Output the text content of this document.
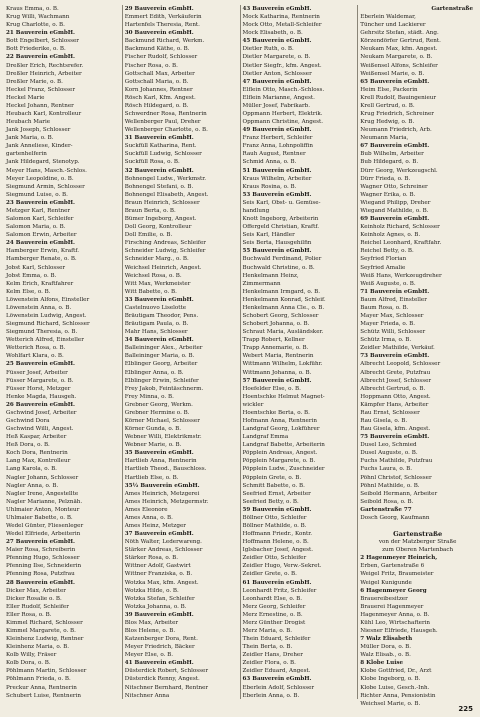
Kraus Emma, o. B.
Krug Willi, Wachmann
Krug Charlotte, o. B.
21 Bauverein eGmbH.
Bott Engelbert, Schlosser
Bott Friederike, o. B.
22 Bauverein eGmbH.
Dreßler Erich, Rechtsrefer.
Dreßler Heinrich, Arbeiter
Dreßler Marie, o. B.
Heckel Franz, Schlosser
Heckel Marie
Heckel Johann, Rentner
Heubach Karl, Kontrolleur
Heubach Marie
Jank Joseph, Schlosser
Jank Maria, o. B.
Jank Anneliese, Kinder-
gartenhelferin
Jank Hildegard, Stenotyp.
Meyer Hans, Masch.-Schlos.
Meyer Leopoldine, o. B.
Siegmund Armin, Schlosser
Siegmund Luise, o. B.
23 Bauverein eGmbH.
Metzger Karl, Rentner
Salomon Karl, Schleifer
Salomon Maria, o. B.
Salomon Erwin, Arbeiter
24 Bauverein eGmbH.
Hamberger Erwin, Kraftf.
Hamberger Renate, o. B.
Jobst Karl, Schlosser
Jobst Emma, o. B.
Kelm Erich, Kraftfahrer
Kelm Else, o. B.
Löwenstein Alfons, Einsteller
Löwenstein Anna, o. B.
Löwenstein Ludwig, Angest.
Siegmund Richard, Schlosser
Siegmund Theresia, o. B.
Wetterich Alfred, Einsteller
Wetterich Rosa, o. B.
Wohlfart Klara, o. B.
25 Bauverein eGmbH.
Füsser Josef, Arbeiter
Füsser Margarete, o. B.
Füsser Horst, Metzger
Henke Magda, Hausgeh.
26 Bauverein eGmbH.
Gschwind Josef, Arbeiter
Gschwind Dora
Gschwind Willi, Angest.
Heß Kaspar, Arbeiter
Heß Dora, o. B.
Koch Dora, Rentnerin
Lang Max, Kontrolleur
Lang Karola, o. B.
Nagler Johann, Schlosser
Nagler Anna, o. B.
Nagler Irene, Angestellte
Nagler Marianne, Pelznäh.
Uhlmaier Anton, Monteur
Uhlmaier Babette, o. B.
Wedel Günter, Fliesenleger
Wedel Elfriede, Arbeiterin
27 Bauverein eGmbH.
Maier Rosa, Schreiberin
Pfenning Hugo, Schlosser
Pfenning Ilse, Schneiderin
Pfenning Rosa, Putzfrau
28 Bauverein eGmbH.
Dicker Max, Arbeiter
Dicker Rosalie o. B.
Eller Rudolf, Schleifer
Eller Rosa, o. B.
Kimmel Richard, Schlosser
Kimmel Margarete, o. B.
Kleinhenz Ludwig, Rentner
Kleinhenz Maria, o. B.
Kolb Willy, Fräser
Kolb Dora, o. B.
Pöhlmann Martin, Schlosser
Pöhlmann Frieda, o. B.
Preckur Anna, Rentnerin
Schubert Luise, Rentnerin
29 Bauverein eGmbH.
Emmert Edith, Verkäuferin
Hartenfels Theresia, Rent.
30 Bauverein eGmbH.
Backmund Richard, Werkm.
Backmund Käthe, o. B.
Fischer Rudolf, Schlosser
Fischer Rosa, o. B.
Gottschall Max, Arbeiter
Gottschall Maria, o. B.
Korn Johannes, Rentner
Rösch Karl, Kfm. Angest.
Rösch Hildegard, o. B.
Schwerdner Rosa, Rentnerin
Wellenberger Paul, Dreher
Wellenberger Charlotte, o. B.
31 Bauverein eGmbH.
Suckfüll Katharina, Rent.
Suckfüll Ludwig, Schlosser
Suckfüll Rosa, o. B.
32 Bauverein eGmbH.
Bohnengel Ludw., Werkmstr.
Bohnengel Stefani, o. B.
Bohnengel Elisabeth, Angest.
Braun Heinrich, Schlosser
Braun Berta, o. B.
Bümer Ingeborg, Angest.
Doll Georg, Kontrolleur
Doll Emilie, o. B.
Firsching Andreas, Schleifer
Schneider Ludwig, Schleifer
Schneider Marg., o. B.
Weichsel Heinrich, Angest.
Weichsel Rosa, o. B.
Witt Max, Werkmeister
Witt Babette, o. B.
33 Bauverein eGmbH.
Castelnuovo Liselotte
Bräutigam Theodor, Pens.
Bräutigam Paula, o. B.
Mahr Hans, Schlosser
34 Bauverein eGmbH.
Balleininger Alex., Arbeiter
Balleininger Maria, o. B.
Elblinger Georg, Arbeiter
Elblinger Anna, o. B.
Elblinger Erwin, Schleifer
Frey Jakob, Feintäschnerm.
Frey Minna, o. B.
Grebner Georg, Werkm.
Grebner Hermine o. B.
Körner Michael, Schlosser
Körner Gunda, o. B.
Webner Willi, Elektrikmstr.
Webner Marie, o. B.
35 Bauverein eGmbH.
Hartlieb Anna, Rentnerin
Hartlieb Theod., Bauschloss.
Hartlieb Else, o. B.
35½ Bauverein eGmbH.
Ames Heinrich, Metzgerei
Ames Heinrich, Metzgermstr.
Ames Eleonore
Ames Anna, o. B.
Ames Heinz, Metzger
37 Bauverein eGmbH.
Nöth Walter, Lederwareng.
Stärker Andreas, Schlosser
Stärker Rosa, o. B.
Wittner Adolf, Gastwirt
Wittner Franziska, o. B.
Wotzka Max, kfm. Angest.
Wotzka Hilde, o. B.
Wotzka Stefan, Schleifer
Wotzka Johanna, o. B.
39 Bauverein eGmbH.
Blos Max, Arbeiter
Blos Helene, o. B.
Katzenberger Dora, Rent.
Meyer Friedrich, Bäcker
Meyer Else, o. B.
41 Bauverein eGmbH.
Düsterdick Robert, Schlosser
Düsterdick Renny, Angest.
Nitschner Bernhard, Rentner
Nitschner Anna
43 Bauverein eGmbH.
Mock Katharina, Rentnerin
Mock Otto, Metall-Schleifer
Mock Elisabeth, o. B.
45 Bauverein eGmbH.
Dietler Ruth, o. B.
Dietler Margarete, o. B.
Dietler Siegfr., kfm. Angest.
Dietler Anton, Schlosser
47 Bauverein eGmbH.
Elflein Otto, Masch.-Schloss.
Elflein Marianne, Angest.
Müller Josef, Fabrikarb.
Oppmann Herbert, Elektrik.
Oppmann Christine, Angest.
49 Bauverein eGmbH.
Franz Herbert, Schleifer
Franz Anna, Lohnpoliffin
Rauh August, Rentner
Schmid Anna, o. B.
51 Bauverein eGmbH.
Kraus Wilhelm, Arbeiter
Kraus Rosina, o. B.
53 Bauverein eGmbH.
Seis Karl, Obst- u. Gemüse-
handlung
Knott Ingeborg, Arbeiterin
Offergeld Christian, Kraftf.
Seis Karl, Händler
Seis Berta, Hausgehilfin
55 Bauverein eGmbH.
Buchwald Ferdinand, Polier
Buchwald Christine, o. B.
Henkelmann Heinz,
Zimmermann
Henkelmann Irmgard, o. B.
Henkelmann Konrad, Schleif.
Henkelmann Anna Cle., o. B.
Schobert Georg, Schlosser
Schobert Johanna, o. B.
Schraut Maria, Ausländsker.
Trapp Robert, Kellner
Trapp Annemarie, o. B.
Webert Maria, Rentnerin
Wittmann Wilhelm, Lokführ.
Wittmann Johanna, o. B.
57 Bauverein eGmbH.
Hoefelder Else, o. B.
Hoentschke Helmut Magnet-
wickler
Hoentschke Berta, o. B.
Hofmann Anna, Rentnerin
Landgraf Georg, Lokführer
Landgraf Emma
Landgraf Babette, Arbeiterin
Pöpplein Andreas, Angest.
Pöpplein Margarete, o. B.
Pöpplein Ludw., Zuschneider
Pöpplein Grete, o. B.
Schmitt Babette, o. B.
Seefried Ernst, Arbeiter
Seefried Betty, o. B.
59 Bauverein eGmbH.
Böllner Otto, Schleifer
Böllner Mathilde, o. B.
Hoffmann Friedr., Kontr.
Hoffmann Helene, o. B.
Iglsbacher Josef, Angest.
Zeidler Otto, Schleifer
Zeidler Hugo, Verw.-Sekret.
Zeidler Grete, o. B.
61 Bauverein eGmbH.
Leonhardt Fritz, Schleifer
Leonhardt Else, o. B.
Merz Georg, Schleifer
Merz Ernestine, o. B.
Merz Günther Drogist
Merz Maria, o. B.
Thein Eduard, Schleifer
Thein Berta, o. B.
Zeidler Hans, Dreher
Zeidler Flora, o. B.
Zeidler Eduard, Angest.
63 Bauverein eGmbH.
Eberlein Adolf, Schlosser
Eberlein Anna, o. B.
Gartenstraße
Eberlein Waldemar,
Tüncher und Lackierer
Gehrsitz Stefan, städt. Ang.
Körzendörfer Gertrud, Rent.
Neukam Max, kfm. Angest.
Neukam Margarete, o. B.
Weißensel Alfons, Schleifer
Weißensel Marie, o. B.
65 Bauverein eGmbH.
Heim Else, Packerin
Krell Rudolf, Bauingenieur
Krell Gertrud, o. B.
Krug Friedrich, Schreiner
Krug Hedwig, o. B.
Neumann Friedrich, Arb.
Neumann Maria,
67 Bauverein eGmbH.
Bub Wilhelm, Arbeiter
Bub Hildegard, o. B.
Dürr Georg, Werkzeugschl.
Dürr Frieda, o. B.
Wagner Otto, Schreiner
Wagner Erika, o. B.
Wiegand Philipp, Dreher
Wiegand Mathilde, o. B.
69 Bauverein eGmbH.
Keinholz Richard, Schlosser
Keinholz Agnes, o. B.
Reichel Leonhard, Kraftfahr.
Reichel Betty, o. B.
Seyfried Florian
Seyfried Amalie
Weiß Hans, Werkzeugdreher
Weiß Auguste, o. B.
71 Bauverein eGmbH.
Baum Alfred, Einsteller
Baum Rosa, o. B.
Mayer Max, Schlosser
Mayer Frieda, o. B.
Schütz Willi, Schlosser
Schütz Irma, o. B.
Zeidler Mathilde, Verkäuf.
73 Bauverein eGmbH.
Albrecht Leopold, Schlosser
Albrecht Grete, Putzfrau
Albrecht Josef, Schlosser
Albrecht Gertrud, o. B.
Hoppmann Otto, Angest.
Kämpfer Hans, Arbeiter
Rau Ernst, Schlosser
Rau Gisela, o. B.
Rau Gisela, kfm. Angest.
75 Bauverein eGmbH.
Dusel Leo, Schmied
Dusel Auguste, o. B.
Fuchs Mathilde, Putzfrau
Fuchs Laura, o. B.
Pöhnl Christof, Schlosser
Pöhnl Mathilde, o. B.
Seibold Hermann, Arbeiter
Seibold Rosa, o. B.
Gartenstraße 77
Dosch Georg, Kaufmann
Gartenstraße
von der Matzberger Straße
zum Oberen Martenbach
2 Hagenmeyer Heinrich,
Erben, Gartenstraße 6
Weigel Fritz, Braumeister
Weigel Kunigunde
6 Hagenmeyer Georg
Brauereibesitzer
Brauerei Hagenmeyer
Hagenmeyer Anna, o. B.
Kühl Leo, Wirtschafterin
Niesner Elfriede, Hausgeh.
7 Walz Elisabeth
Müller Dora, o. B.
Walz Elisab., o. B.
8 Klobe Luise
Klobe Gottfried, Dr., Arzt
Klobe Ingeborg, o. B.
Klobe Luise, Gesch.-Inh.
Richter Anna, Pensionistin
Weichsel Marie, o. B.
225
